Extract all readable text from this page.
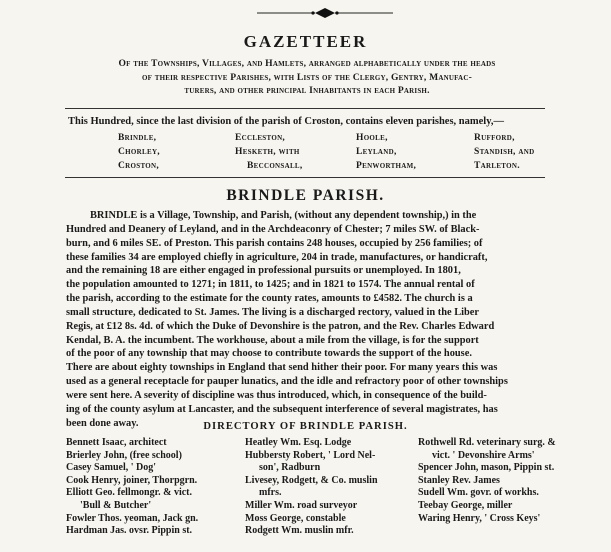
GAZETTEER
Of the Townships, Villages, and Hamlets, arranged alphabetically under the heads
of their respective Parishes, with Lists of the Clergy, Gentry, Manufac-
turers, and other principal Inhabitants in each Parish.
This Hundred, since the last division of the parish of Croston, contains eleven parishes, namely,—
Brindle,
Chorley,
Croston,
Eccleston,
Hesketh, with
Becconsall,
Hoole,
Leyland,
Penwortham,
Rufford,
Standish, and
Tarleton.
BRINDLE PARISH.
BRINDLE is a Village, Township, and Parish, (without any dependent township,) in the
Hundred and Deanery of Leyland, and in the Archdeaconry of Chester; 7 miles SW. of Black-
burn, and 6 miles SE. of Preston. This parish contains 248 houses, occupied by 256 families; of
these families 34 are employed chiefly in agriculture, 204 in trade, manufactures, or handicraft,
and the remaining 18 are either engaged in professional pursuits or unemployed. In 1801,
the population amounted to 1271; in 1811, to 1425; and in 1821 to 1574. The annual rental of
the parish, according to the estimate for the county rates, amounts to £4582. The church is a
small structure, dedicated to St. James. The living is a discharged rectory, valued in the Liber
Regis, at £12 8s. 4d. of which the Duke of Devonshire is the patron, and the Rev. Charles Edward
Kendal, B. A. the incumbent. The workhouse, about a mile from the village, is for the support
of the poor of any township that may choose to contribute towards the support of the house.
There are about eighty townships in England that send hither their poor. For many years this was
used as a general receptacle for pauper lunatics, and the idle and refractory poor of other townships
were sent here. A severity of discipline was thus introduced, which, in consequence of the build-
ing of the county asylum at Lancaster, and the subsequent interference of several magistrates, has
been done away.	DIRECTORY OF BRINDLE PARISH.
Bennett Isaac, architect
Brierley John, (free school)
Casey Samuel, ' Dog'
Cook Henry, joiner, Thorpgrn.
Elliott Geo. fellmongr. & vict.
'Bull & Butcher'
Fowler Thos. yeoman, Jack gn.
Hardman Jas. ovsr. Pippin st.
Heatley Wm. Esq. Lodge
Hubbersty Robert, ' Lord Nel-
son', Radburn
Livesey, Rodgett, & Co. muslin
mfrs.
Miller Wm. road surveyor
Moss George, constable
Rodgett Wm. muslin mfr.
Rothwell Rd. veterinary surg. &
vict. ' Devonshire Arms'
Spencer John, mason, Pippin st.
Stanley Rev. James
Sudell Wm. govr. of workhs.
Teebay George, miller
Waring Henry, ' Cross Keys'
